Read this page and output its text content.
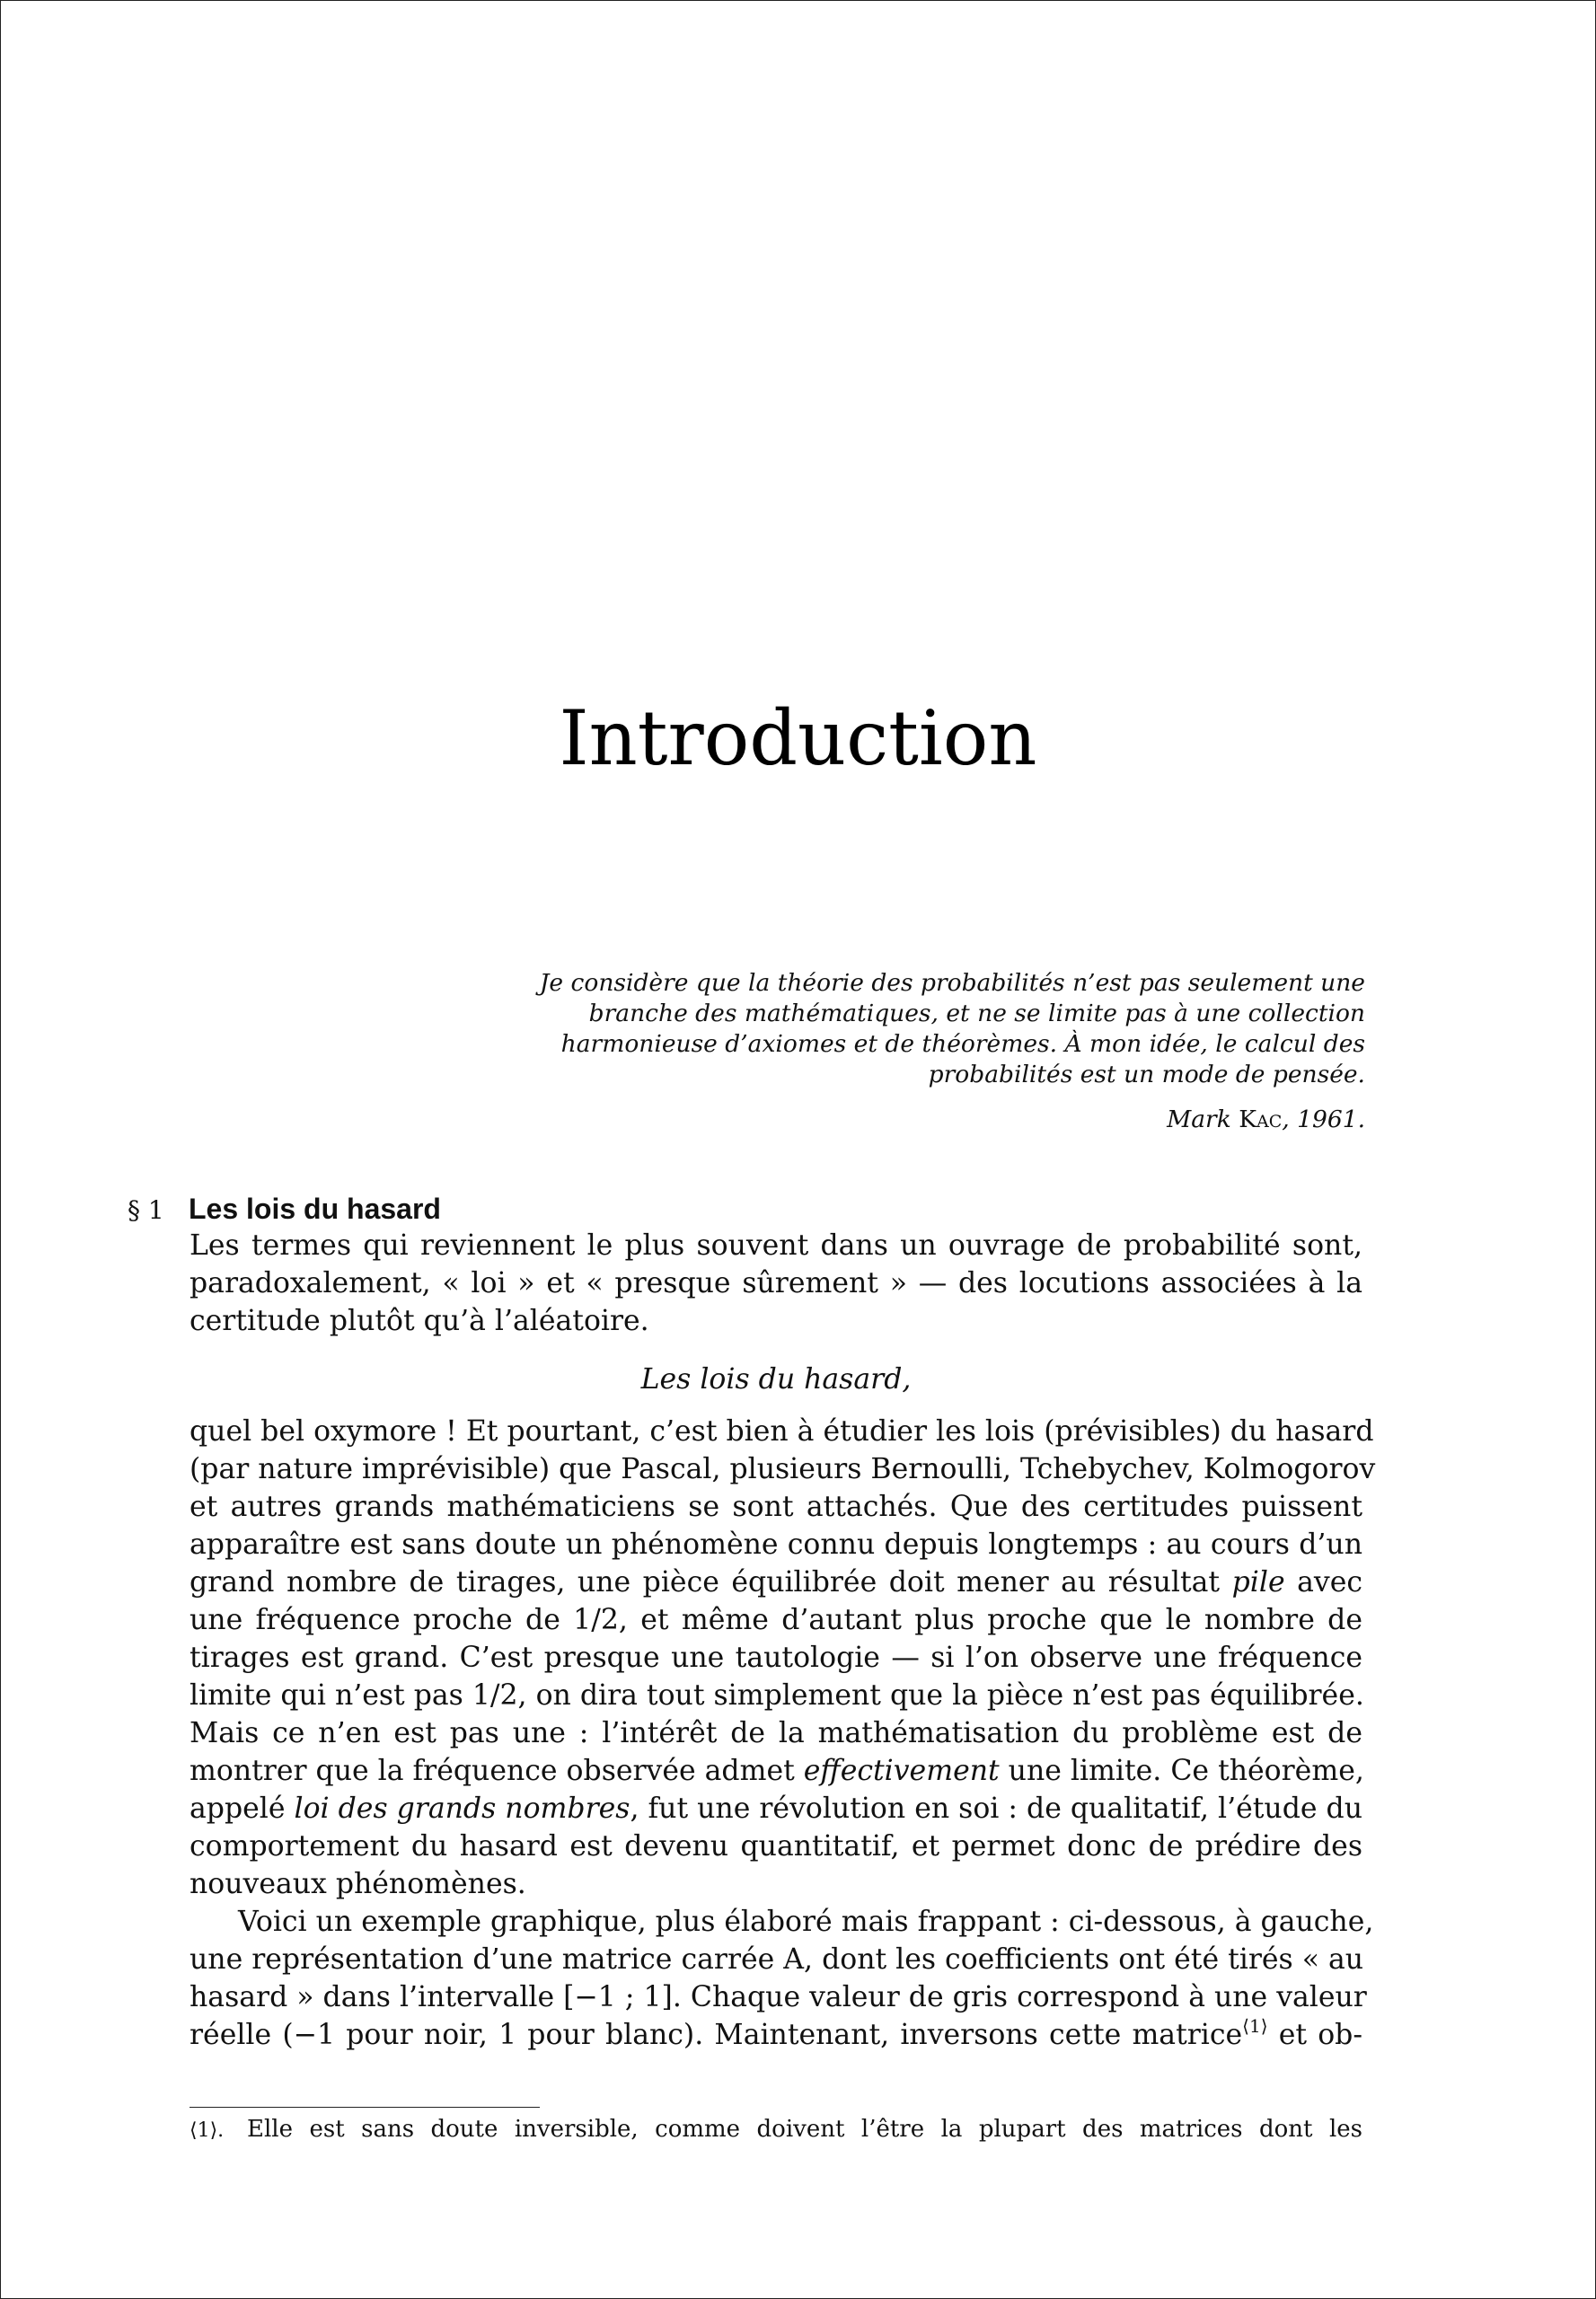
Introduction
Je considère que la théorie des probabilités n’est pas seulement une
branche des mathématiques, et ne se limite pas à une collection
harmonieuse d’axiomes et de théorèmes. À mon idée, le calcul des
probabilités est un mode de pensée.
Mark Kac, 1961.
§ 1 Les lois du hasard
Les termes qui reviennent le plus souvent dans un ouvrage de probabilité sont,
paradoxalement, « loi » et « presque sûrement » — des locutions associées à la
certitude plutôt qu’à l’aléatoire.
Les lois du hasard,
quel bel oxymore ! Et pourtant, c’est bien à étudier les lois (prévisibles) du hasard
(par nature imprévisible) que Pascal, plusieurs Bernoulli, Tchebychev, Kolmogorov
et autres grands mathématiciens se sont attachés. Que des certitudes puissent
apparaître est sans doute un phénomène connu depuis longtemps : au cours d’un
grand nombre de tirages, une pièce équilibrée doit mener au résultat pile avec
une fréquence proche de 1/2, et même d’autant plus proche que le nombre de
tirages est grand. C’est presque une tautologie — si l’on observe une fréquence
limite qui n’est pas 1/2, on dira tout simplement que la pièce n’est pas équilibrée.
Mais ce n’en est pas une : l’intérêt de la mathématisation du problème est de
montrer que la fréquence observée admet effectivement une limite. Ce théorème,
appelé loi des grands nombres, fut une révolution en soi : de qualitatif, l’étude du
comportement du hasard est devenu quantitatif, et permet donc de prédire des
nouveaux phénomènes.
Voici un exemple graphique, plus élaboré mais frappant : ci-dessous, à gauche,
une représentation d’une matrice carrée A, dont les coefficients ont été tirés « au
hasard » dans l’intervalle [−1 ; 1]. Chaque valeur de gris correspond à une valeur
réelle (−1 pour noir, 1 pour blanc). Maintenant, inversons cette matrice$^{⟨1⟩}$ et ob-
⟨1⟩. Elle est sans doute inversible, comme doivent l’être la plupart des matrices dont les
